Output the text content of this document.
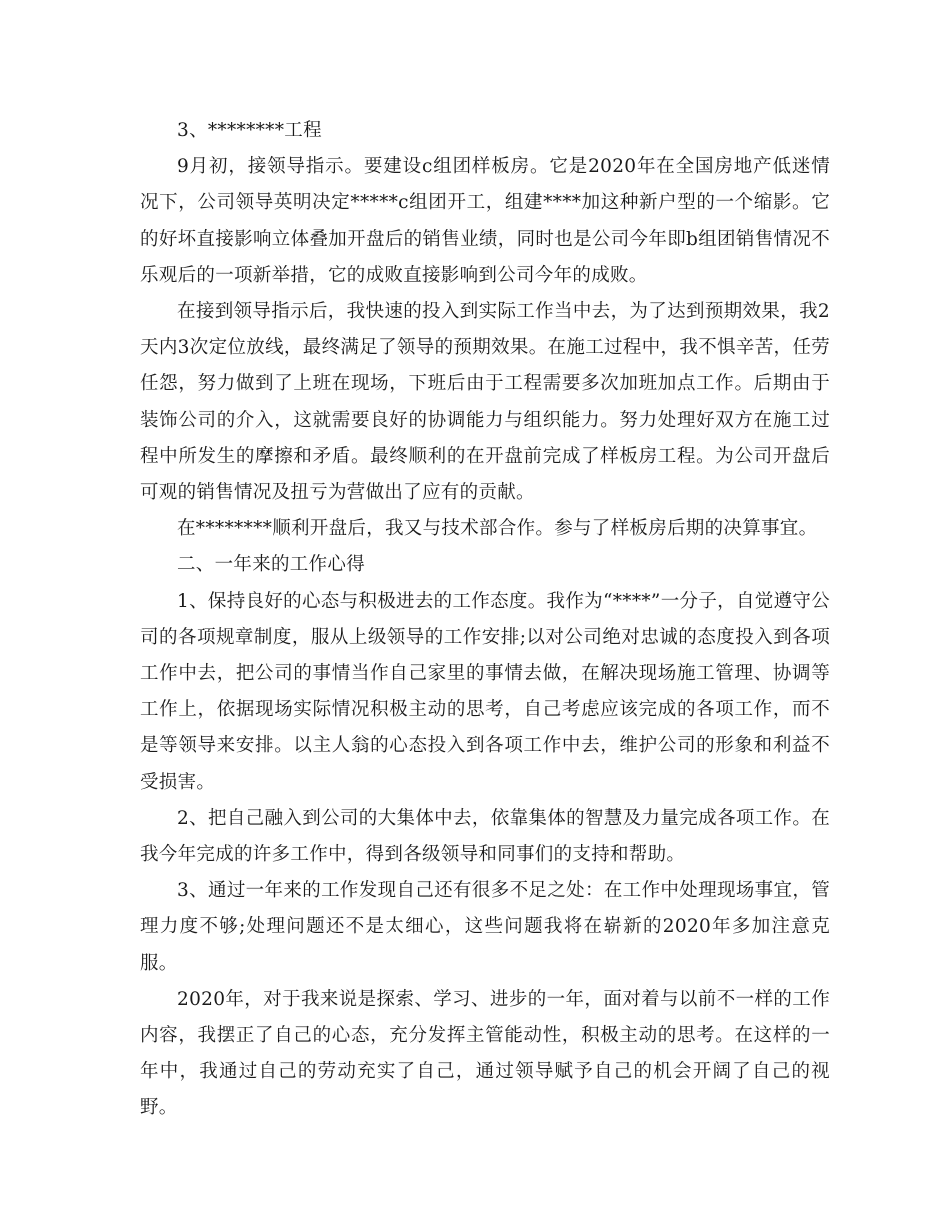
3、********工程

9月初，接领导指示。要建设c组团样板房。它是2020年在全国房地产低迷情况下，公司领导英明决定*****c组团开工，组建****加这种新户型的一个缩影。它的好坏直接影响立体叠加开盘后的销售业绩，同时也是公司今年即b组团销售情况不乐观后的一项新举措，它的成败直接影响到公司今年的成败。

在接到领导指示后，我快速的投入到实际工作当中去，为了达到预期效果，我2天内3次定位放线，最终满足了领导的预期效果。在施工过程中，我不惧辛苦，任劳任怨，努力做到了上班在现场，下班后由于工程需要多次加班加点工作。后期由于装饰公司的介入，这就需要良好的协调能力与组织能力。努力处理好双方在施工过程中所发生的摩擦和矛盾。最终顺利的在开盘前完成了样板房工程。为公司开盘后可观的销售情况及扭亏为营做出了应有的贡献。

在********顺利开盘后，我又与技术部合作。参与了样板房后期的决算事宜。

二、一年来的工作心得

1、保持良好的心态与积极进去的工作态度。我作为“****”一分子，自觉遵守公司的各项规章制度，服从上级领导的工作安排;以对公司绝对忠诚的态度投入到各项工作中去，把公司的事情当作自己家里的事情去做，在解决现场施工管理、协调等工作上，依据现场实际情况积极主动的思考，自己考虑应该完成的各项工作，而不是等领导来安排。以主人翁的心态投入到各项工作中去，维护公司的形象和利益不受损害。

2、把自己融入到公司的大集体中去，依靠集体的智慧及力量完成各项工作。在我今年完成的许多工作中，得到各级领导和同事们的支持和帮助。

3、通过一年来的工作发现自己还有很多不足之处：在工作中处理现场事宜，管理力度不够;处理问题还不是太细心，这些问题我将在崭新的2020年多加注意克服。

2020年，对于我来说是探索、学习、进步的一年，面对着与以前不一样的工作内容，我摆正了自己的心态，充分发挥主管能动性，积极主动的思考。在这样的一年中，我通过自己的劳动充实了自己，通过领导赋予自己的机会开阔了自己的视野。
